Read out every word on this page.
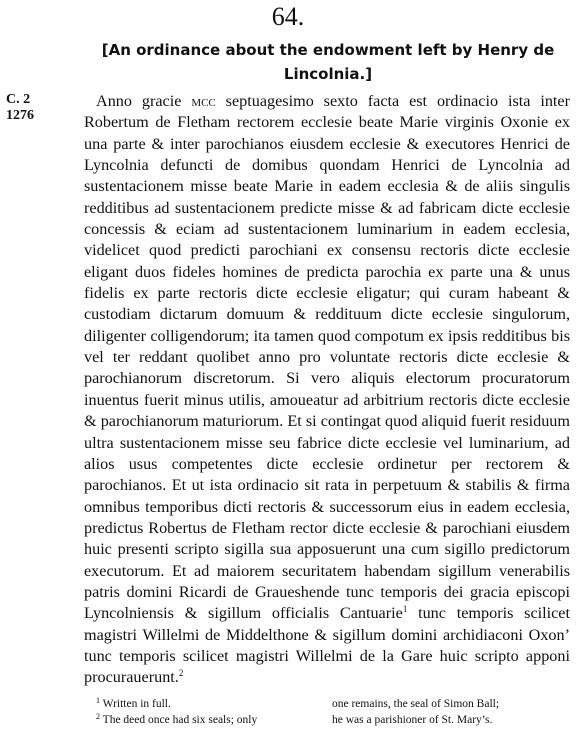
64.
[An ordinance about the endowment left by Henry de Lincolnia.]
C. 2
1276

Anno gracie mcc septuagesimo sexto facta est ordinacio ista inter Robertum de Fletham rectorem ecclesie beate Marie virginis Oxonie ex una parte & inter parochianos eiusdem ecclesie & executores Henrici de Lyncolnia defuncti de domibus quondam Henrici de Lyncolnia ad sustentacionem misse beate Marie in eadem ecclesia & de aliis singulis redditibus ad sustentacionem predicte misse & ad fabricam dicte ecclesie concessis & eciam ad sustentacionem luminarium in eadem ecclesia, videlicet quod predicti parochiani ex consensu rectoris dicte ecclesie eligant duos fideles homines de predicta parochia ex parte una & unus fidelis ex parte rectoris dicte ecclesie eligatur; qui curam habeant & custodiam dictarum domuum & reddituum dicte ecclesie singulorum, diligenter colligendorum; ita tamen quod compotum ex ipsis redditibus bis vel ter reddant quolibet anno pro voluntate rectoris dicte ecclesie & parochianorum discretorum. Si vero aliquis electorum procuratorum inuentus fuerit minus utilis, amoueatur ad arbitrium rectoris dicte ecclesie & parochianorum maturiorum. Et si contingat quod aliquid fuerit residuum ultra sustentacionem misse seu fabrice dicte ecclesie vel luminarium, ad alios usus competentes dicte ecclesie ordinetur per rectorem & parochianos. Et ut ista ordinacio sit rata in perpetuum & stabilis & firma omnibus temporibus dicti rectoris & successorum eius in eadem ecclesia, predictus Robertus de Fletham rector dicte ecclesie & parochiani eiusdem huic presenti scripto sigilla sua apposuerunt una cum sigillo predictorum executorum. Et ad maiorem securitatem habendam sigillum venerabilis patris domini Ricardi de Graueshende tunc temporis dei gracia episcopi Lyncolniensis & sigillum officialis Cantuarie$^1$ tunc temporis scilicet magistri Willelmi de Middelthone & sigillum domini archidiaconi Oxon’ tunc temporis scilicet magistri Willelmi de la Gare huic scripto apponi procurauerunt.$^2$

$^1$ Written in full.
$^2$ The deed once had six seals; only
one remains, the seal of Simon Ball;
he was a parishioner of St. Mary’s.
